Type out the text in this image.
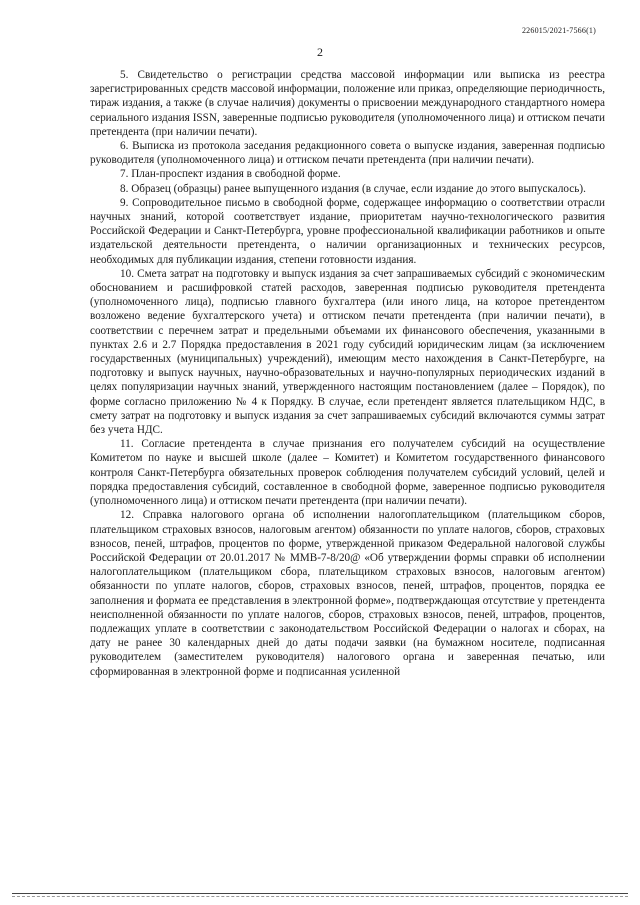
226015/2021-7566(1)
2

5. Свидетельство о регистрации средства массовой информации или выписка из реестра зарегистрированных средств массовой информации, положение или приказ, определяющие периодичность, тираж издания, а также (в случае наличия) документы о присвоении международного стандартного номера сериального издания ISSN, заверенные подписью руководителя (уполномоченного лица) и оттиском печати претендента (при наличии печати).

6. Выписка из протокола заседания редакционного совета о выпуске издания, заверенная подписью руководителя (уполномоченного лица) и оттиском печати претендента (при наличии печати).

7. План-проспект издания в свободной форме.

8. Образец (образцы) ранее выпущенного издания (в случае, если издание до этого выпускалось).

9. Сопроводительное письмо в свободной форме, содержащее информацию о соответствии отрасли научных знаний, которой соответствует издание, приоритетам научно-технологического развития Российской Федерации и Санкт-Петербурга, уровне профессиональной квалификации работников и опыте издательской деятельности претендента, о наличии организационных и технических ресурсов, необходимых для публикации издания, степени готовности издания.

10. Смета затрат на подготовку и выпуск издания за счет запрашиваемых субсидий с экономическим обоснованием и расшифровкой статей расходов, заверенная подписью руководителя претендента (уполномоченного лица), подписью главного бухгалтера (или иного лица, на которое претендентом возложено ведение бухгалтерского учета) и оттиском печати претендента (при наличии печати), в соответствии с перечнем затрат и предельными объемами их финансового обеспечения, указанными в пунктах 2.6 и 2.7 Порядка предоставления в 2021 году субсидий юридическим лицам (за исключением государственных (муниципальных) учреждений), имеющим место нахождения в Санкт-Петербурге, на подготовку и выпуск научных, научно-образовательных и научно-популярных периодических изданий в целях популяризации научных знаний, утвержденного настоящим постановлением (далее – Порядок), по форме согласно приложению № 4 к Порядку. В случае, если претендент является плательщиком НДС, в смету затрат на подготовку и выпуск издания за счет запрашиваемых субсидий включаются суммы затрат без учета НДС.

11. Согласие претендента в случае признания его получателем субсидий на осуществление Комитетом по науке и высшей школе (далее – Комитет) и Комитетом государственного финансового контроля Санкт-Петербурга обязательных проверок соблюдения получателем субсидий условий, целей и порядка предоставления субсидий, составленное в свободной форме, заверенное подписью руководителя (уполномоченного лица) и оттиском печати претендента (при наличии печати).

12. Справка налогового органа об исполнении налогоплательщиком (плательщиком сборов, плательщиком страховых взносов, налоговым агентом) обязанности по уплате налогов, сборов, страховых взносов, пеней, штрафов, процентов по форме, утвержденной приказом Федеральной налоговой службы Российской Федерации от 20.01.2017 № ММВ-7-8/20@ «Об утверждении формы справки об исполнении налогоплательщиком (плательщиком сбора, плательщиком страховых взносов, налоговым агентом) обязанности по уплате налогов, сборов, страховых взносов, пеней, штрафов, процентов, порядка ее заполнения и формата ее представления в электронной форме», подтверждающая отсутствие у претендента неисполненной обязанности по уплате налогов, сборов, страховых взносов, пеней, штрафов, процентов, подлежащих уплате в соответствии с законодательством Российской Федерации о налогах и сборах, на дату не ранее 30 календарных дней до даты подачи заявки (на бумажном носителе, подписанная руководителем (заместителем руководителя) налогового органа и заверенная печатью, или сформированная в электронной форме и подписанная усиленной
